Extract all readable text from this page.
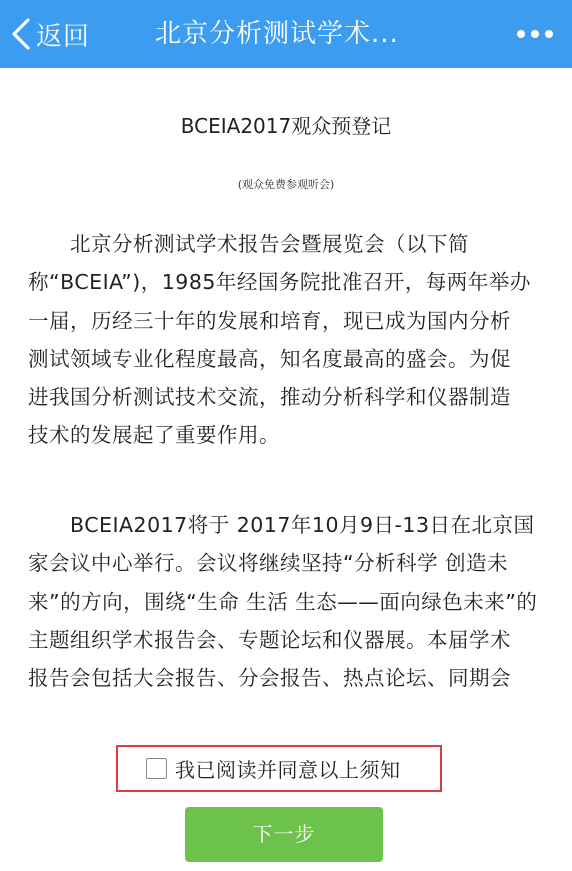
返回 北京分析测试学术...
BCEIA2017观众预登记
(观众免费参观听会)
　　北京分析测试学术报告会暨展览会（以下简
称“BCEIA”)，1985年经国务院批准召开，每两年举办
一届，历经三十年的发展和培育，现已成为国内分析
测试领域专业化程度最高，知名度最高的盛会。为促
进我国分析测试技术交流，推动分析科学和仪器制造
技术的发展起了重要作用。
　　BCEIA2017将于 2017年10月9日-13日在北京国
家会议中心举行。会议将继续坚持“分析科学 创造未
来”的方向，围绕“生命 生活 生态——面向绿色未来”的
主题组织学术报告会、专题论坛和仪器展。本届学术
报告会包括大会报告、分会报告、热点论坛、同期会
我已阅读并同意以上须知
下一步
